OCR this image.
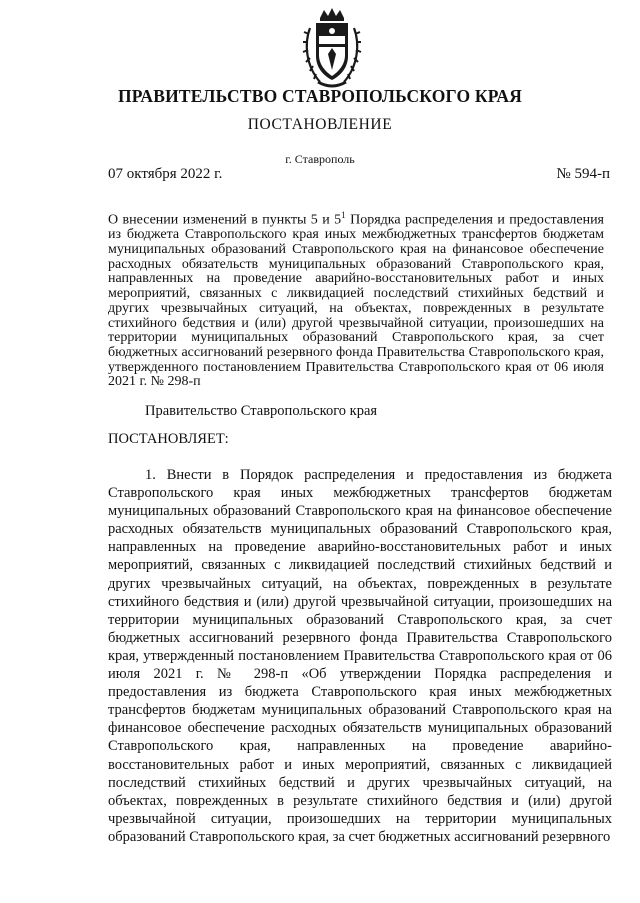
ПРАВИТЕЛЬСТВО СТАВРОПОЛЬСКОГО КРАЯ
ПОСТАНОВЛЕНИЕ
г. Ставрополь
07 октября 2022 г.	№ 594-п
О внесении изменений в пункты 5 и $5^1$ Порядка распределения и предоставления из бюджета Ставропольского края иных межбюджетных трансфертов бюджетам муниципальных образований Ставропольского края на финансовое обеспечение расходных обязательств муниципальных образований Ставропольского края, направленных на проведение аварийно-восстановительных работ и иных мероприятий, связанных с ликвидацией последствий стихийных бедствий и других чрезвычайных ситуаций, на объектах, поврежденных в результате стихийного бедствия и (или) другой чрезвычайной ситуации, произошедших на территории муниципальных образований Ставропольского края, за счет бюджетных ассигнований резервного фонда Правительства Ставропольского края, утвержденного постановлением Правительства Ставропольского края от 06 июля 2021 г. № 298-п
Правительство Ставропольского края
ПОСТАНОВЛЯЕТ:

1. Внести в Порядок распределения и предоставления из бюджета Ставропольского края иных межбюджетных трансфертов бюджетам муниципальных образований Ставропольского края на финансовое обеспечение расходных обязательств муниципальных образований Ставропольского края, направленных на проведение аварийно-восстановительных работ и иных мероприятий, связанных с ликвидацией последствий стихийных бедствий и других чрезвычайных ситуаций, на объектах, поврежденных в результате стихийного бедствия и (или) другой чрезвычайной ситуации, произошедших на территории муниципальных образований Ставропольского края, за счет бюджетных ассигнований резервного фонда Правительства Ставропольского края, утвержденный постановлением Правительства Ставропольского края от 06 июля 2021 г. № 298-п «Об утверждении Порядка распределения и предоставления из бюджета Ставропольского края иных межбюджетных трансфертов бюджетам муниципальных образований Ставропольского края на финансовое обеспечение расходных обязательств муниципальных образований Ставропольского края, направленных на проведение аварийно-восстановительных работ и иных мероприятий, связанных с ликвидацией последствий стихийных бедствий и других чрезвычайных ситуаций, на объектах, поврежденных в результате стихийного бедствия и (или) другой чрезвычайной ситуации, произошедших на территории муниципальных образований Ставропольского края, за счет бюджетных ассигнований резервного
